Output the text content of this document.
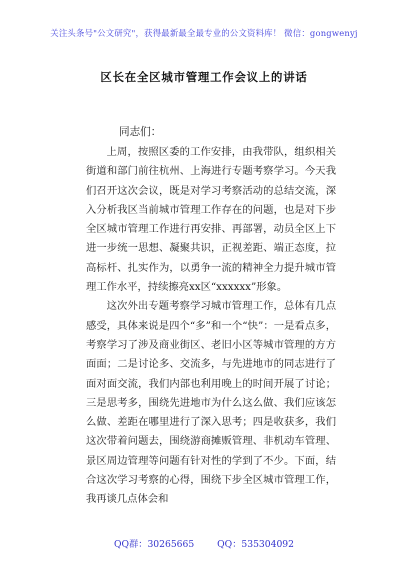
关注头条号"公文研究"，获得最新最全最专业的公文资料库！ 微信：gongwenyj
区长在全区城市管理工作会议上的讲话
同志们：

上周，按照区委的工作安排，由我带队，组织相关街道和部门前往杭州、上海进行专题考察学习。今天我们召开这次会议，既是对学习考察活动的总结交流，深入分析我区当前城市管理工作存在的问题，也是对下步全区城市管理工作进行再安排、再部署，动员全区上下进一步统一思想、凝聚共识，正视差距、端正态度，拉高标杆、扎实作为，以勇争一流的精神全力提升城市管理工作水平，持续擦亮xx区“xxxxxx”形象。

这次外出专题考察学习城市管理工作，总体有几点感受，具体来说是四个“多”和一个“快”：一是看点多，考察学习了涉及商业街区、老旧小区等城市管理的方方面面；二是讨论多、交流多，与先进地市的同志进行了面对面交流，我们内部也利用晚上的时间开展了讨论；三是思考多，围绕先进地市为什么这么做、我们应该怎么做、差距在哪里进行了深入思考；四是收获多，我们这次带着问题去，围绕游商摊贩管理、非机动车管理、景区周边管理等问题有针对性的学到了不少。下面，结合这次学习考察的心得，围绕下步全区城市管理工作，我再谈几点体会和

QQ群：30265665 QQ：535304092
